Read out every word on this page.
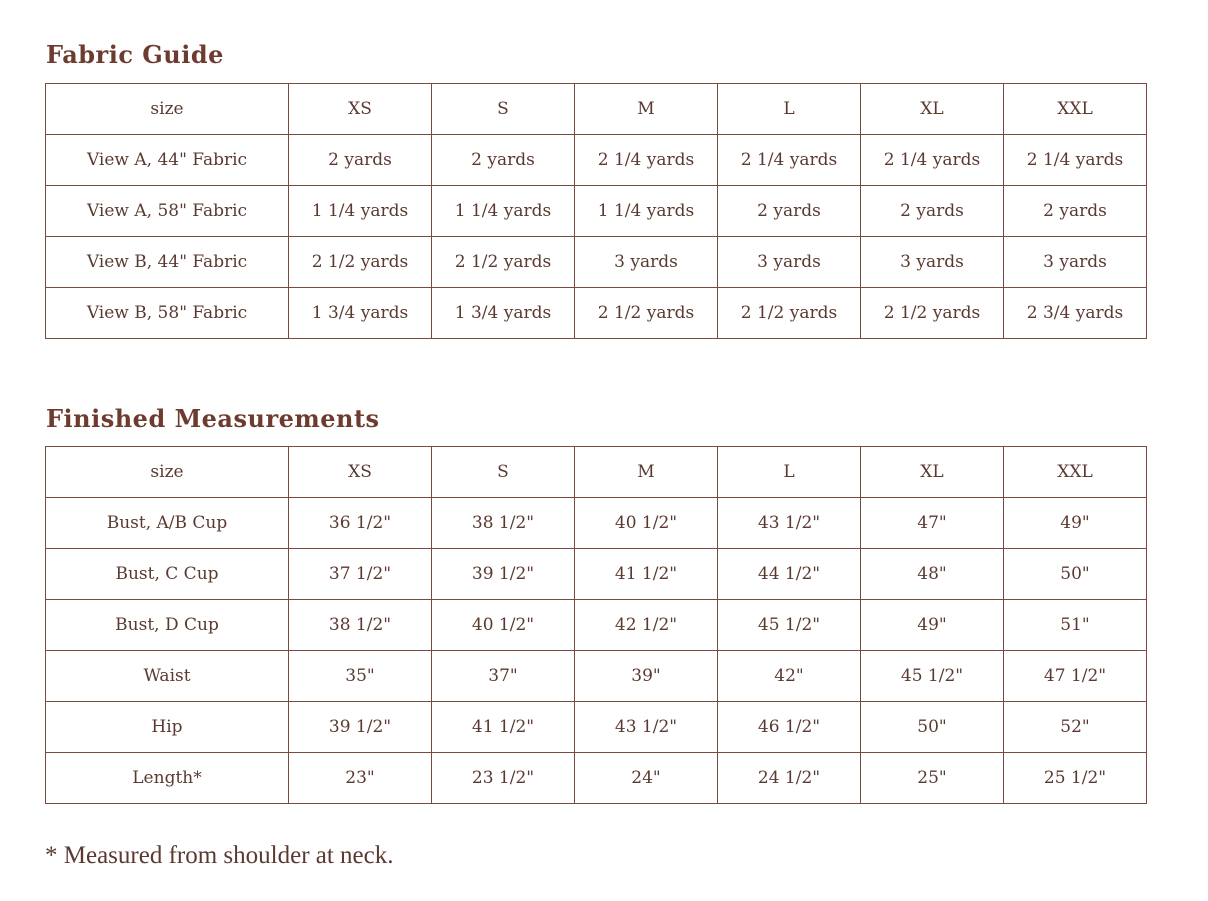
Fabric Guide
size	XS	S	M	L	XL	XXL
View A, 44" Fabric	2 yards	2 yards	2 1/4 yards	2 1/4 yards	2 1/4 yards	2 1/4 yards
View A, 58" Fabric	1 1/4 yards	1 1/4 yards	1 1/4 yards	2 yards	2 yards	2 yards
View B, 44" Fabric	2 1/2 yards	2 1/2 yards	3 yards	3 yards	3 yards	3 yards
View B, 58" Fabric	1 3/4 yards	1 3/4 yards	2 1/2 yards	2 1/2 yards	2 1/2 yards	2 3/4 yards
Finished Measurements
size	XS	S	M	L	XL	XXL
Bust, A/B Cup	36 1/2"	38 1/2"	40 1/2"	43 1/2"	47"	49"
Bust, C Cup	37 1/2"	39 1/2"	41 1/2"	44 1/2"	48"	50"
Bust, D Cup	38 1/2"	40 1/2"	42 1/2"	45 1/2"	49"	51"
Waist	35"	37"	39"	42"	45 1/2"	47 1/2"
Hip	39 1/2"	41 1/2"	43 1/2"	46 1/2"	50"	52"
Length*	23"	23 1/2"	24"	24 1/2"	25"	25 1/2"

* Measured from shoulder at neck.
